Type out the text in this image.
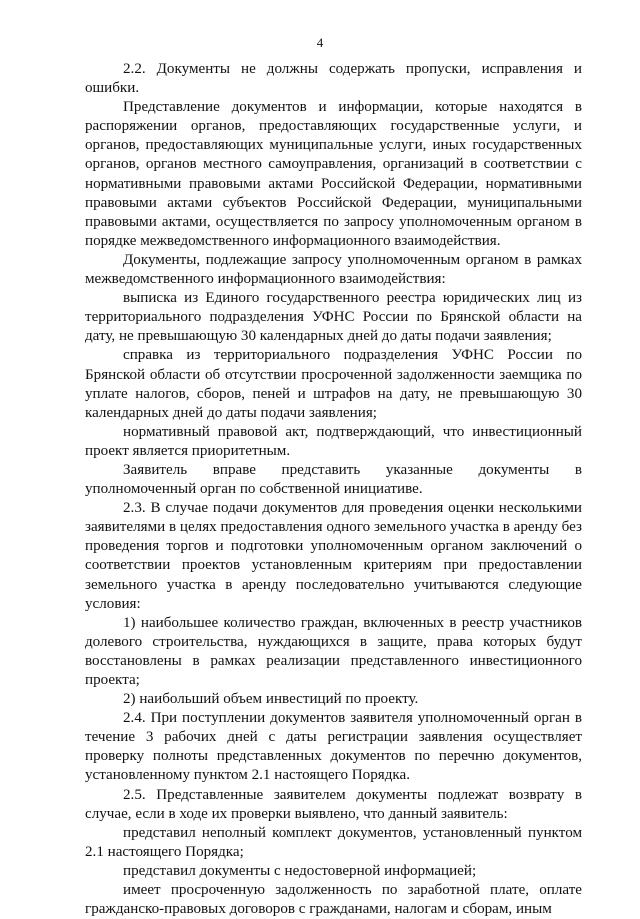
4

2.2. Документы не должны содержать пропуски, исправления и ошибки.

Представление документов и информации, которые находятся в распоряжении органов, предоставляющих государственные услуги, и органов, предоставляющих муниципальные услуги, иных государственных органов, органов местного самоуправления, организаций в соответствии с нормативными правовыми актами Российской Федерации, нормативными правовыми актами субъектов Российской Федерации, муниципальными правовыми актами, осуществляется по запросу уполномоченным органом в порядке межведомственного информационного взаимодействия.

Документы, подлежащие запросу уполномоченным органом в рамках межведомственного информационного взаимодействия:

выписка из Единого государственного реестра юридических лиц из территориального подразделения УФНС России по Брянской области на дату, не превышающую 30 календарных дней до даты подачи заявления;

справка из территориального подразделения УФНС России по Брянской области об отсутствии просроченной задолженности заемщика по уплате налогов, сборов, пеней и штрафов на дату, не превышающую 30 календарных дней до даты подачи заявления;

нормативный правовой акт, подтверждающий, что инвестиционный проект является приоритетным.

Заявитель вправе представить указанные документы в уполномоченный орган по собственной инициативе.

2.3. В случае подачи документов для проведения оценки несколькими заявителями в целях предоставления одного земельного участка в аренду без проведения торгов и подготовки уполномоченным органом заключений о соответствии проектов установленным критериям при предоставлении земельного участка в аренду последовательно учитываются следующие условия:

1) наибольшее количество граждан, включенных в реестр участников долевого строительства, нуждающихся в защите, права которых будут восстановлены в рамках реализации представленного инвестиционного проекта;

2) наибольший объем инвестиций по проекту.

2.4. При поступлении документов заявителя уполномоченный орган в течение 3 рабочих дней с даты регистрации заявления осуществляет проверку полноты представленных документов по перечню документов, установленному пунктом 2.1 настоящего Порядка.

2.5. Представленные заявителем документы подлежат возврату в случае, если в ходе их проверки выявлено, что данный заявитель:

представил неполный комплект документов, установленный пунктом 2.1 настоящего Порядка;

представил документы с недостоверной информацией;

имеет просроченную задолженность по заработной плате, оплате гражданско-правовых договоров с гражданами, налогам и сборам, иным
